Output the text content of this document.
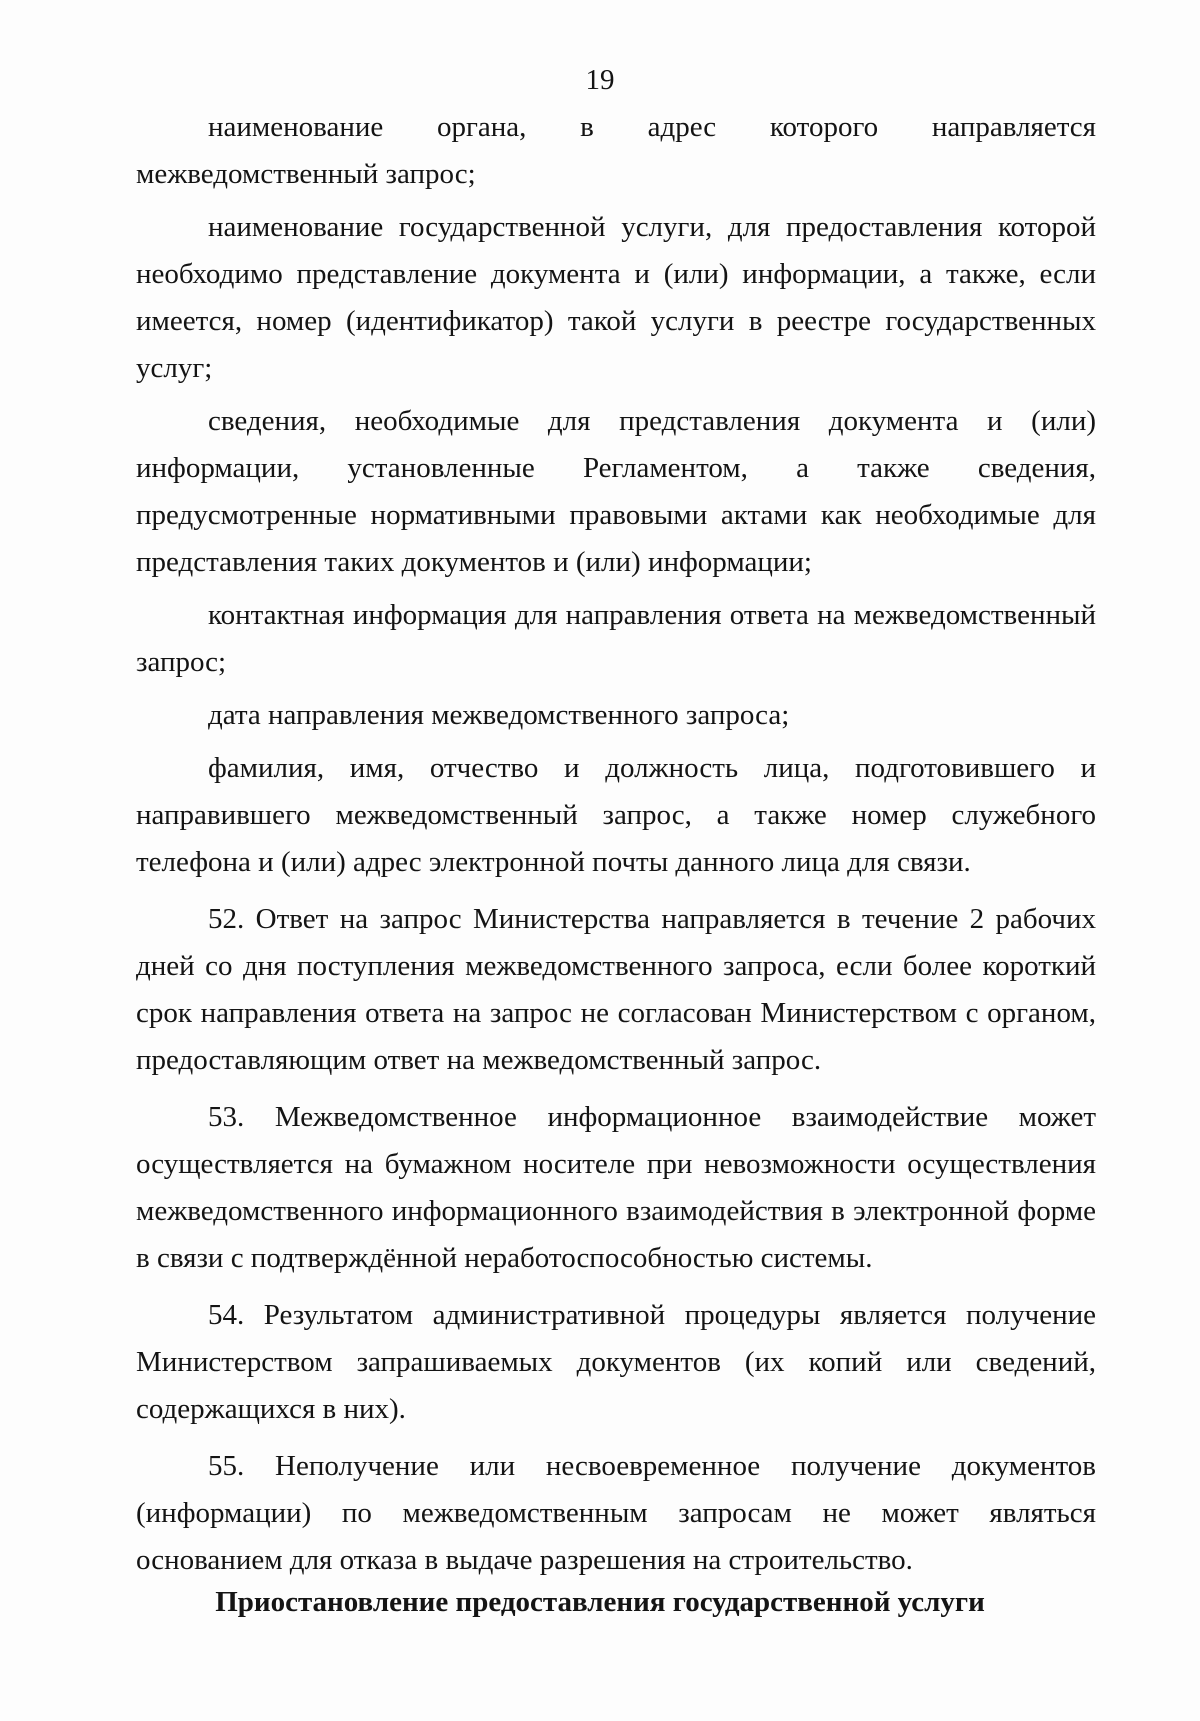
19

наименование органа, в адрес которого направляется межведомственный запрос;

наименование государственной услуги, для предоставления которой необходимо представление документа и (или) информации, а также, если имеется, номер (идентификатор) такой услуги в реестре государственных услуг;

сведения, необходимые для представления документа и (или) информации, установленные Регламентом, а также сведения, предусмотренные нормативными правовыми актами как необходимые для представления таких документов и (или) информации;

контактная информация для направления ответа на межведомственный запрос;

дата направления межведомственного запроса;

фамилия, имя, отчество и должность лица, подготовившего и направившего межведомственный запрос, а также номер служебного телефона и (или) адрес электронной почты данного лица для связи.

52. Ответ на запрос Министерства направляется в течение 2 рабочих дней со дня поступления межведомственного запроса, если более короткий срок направления ответа на запрос не согласован Министерством с органом, предоставляющим ответ на межведомственный запрос.

53. Межведомственное информационное взаимодействие может осуществляется на бумажном носителе при невозможности осуществления межведомственного информационного взаимодействия в электронной форме в связи с подтверждённой неработоспособностью системы.

54. Результатом административной процедуры является получение Министерством запрашиваемых документов (их копий или сведений, содержащихся в них).

55. Неполучение или несвоевременное получение документов (информации) по межведомственным запросам не может являться основанием для отказа в выдаче разрешения на строительство.

Приостановление предоставления государственной услуги
